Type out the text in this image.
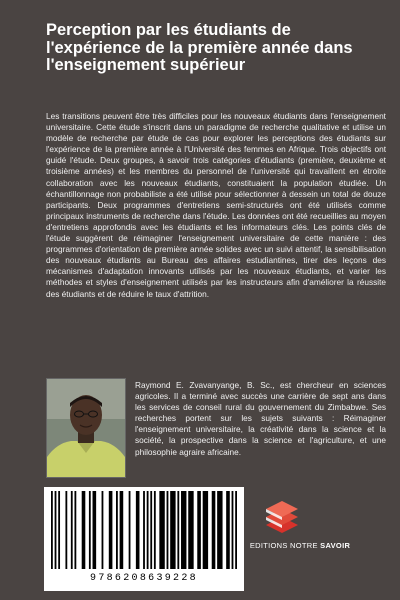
Perception par les étudiants de l'expérience de la première année dans l'enseignement supérieur
Les transitions peuvent être très difficiles pour les nouveaux étudiants dans l'enseignement universitaire. Cette étude s'inscrit dans un paradigme de recherche qualitative et utilise un modèle de recherche par étude de cas pour explorer les perceptions des étudiants sur l'expérience de la première année à l'Université des femmes en Afrique. Trois objectifs ont guidé l'étude. Deux groupes, à savoir trois catégories d'étudiants (première, deuxième et troisième années) et les membres du personnel de l'université qui travaillent en étroite collaboration avec les nouveaux étudiants, constituaient la population étudiée. Un échantillonnage non probabiliste a été utilisé pour sélectionner à dessein un total de douze participants. Deux programmes d'entretiens semi-structurés ont été utilisés comme principaux instruments de recherche dans l'étude. Les données ont été recueillies au moyen d'entretiens approfondis avec les étudiants et les informateurs clés. Les points clés de l'étude suggèrent de réimaginer l'enseignement universitaire de cette manière : des programmes d'orientation de première année solides avec un suivi attentif, la sensibilisation des nouveaux étudiants au Bureau des affaires estudiantines, tirer des leçons des mécanismes d'adaptation innovants utilisés par les nouveaux étudiants, et varier les méthodes et styles d'enseignement utilisés par les instructeurs afin d'améliorer la réussite des étudiants et de réduire le taux d'attrition.
Raymond E. Zvavanyange, B. Sc., est chercheur en sciences agricoles. Il a terminé avec succès une carrière de sept ans dans les services de conseil rural du gouvernement du Zimbabwe. Ses recherches portent sur les sujets suivants : Réimaginer l'enseignement universitaire, la créativité dans la science et la société, la prospective dans la science et l'agriculture, et une philosophie agraire africaine.
9786208639228
EDITIONS NOTRE SAVOIR
